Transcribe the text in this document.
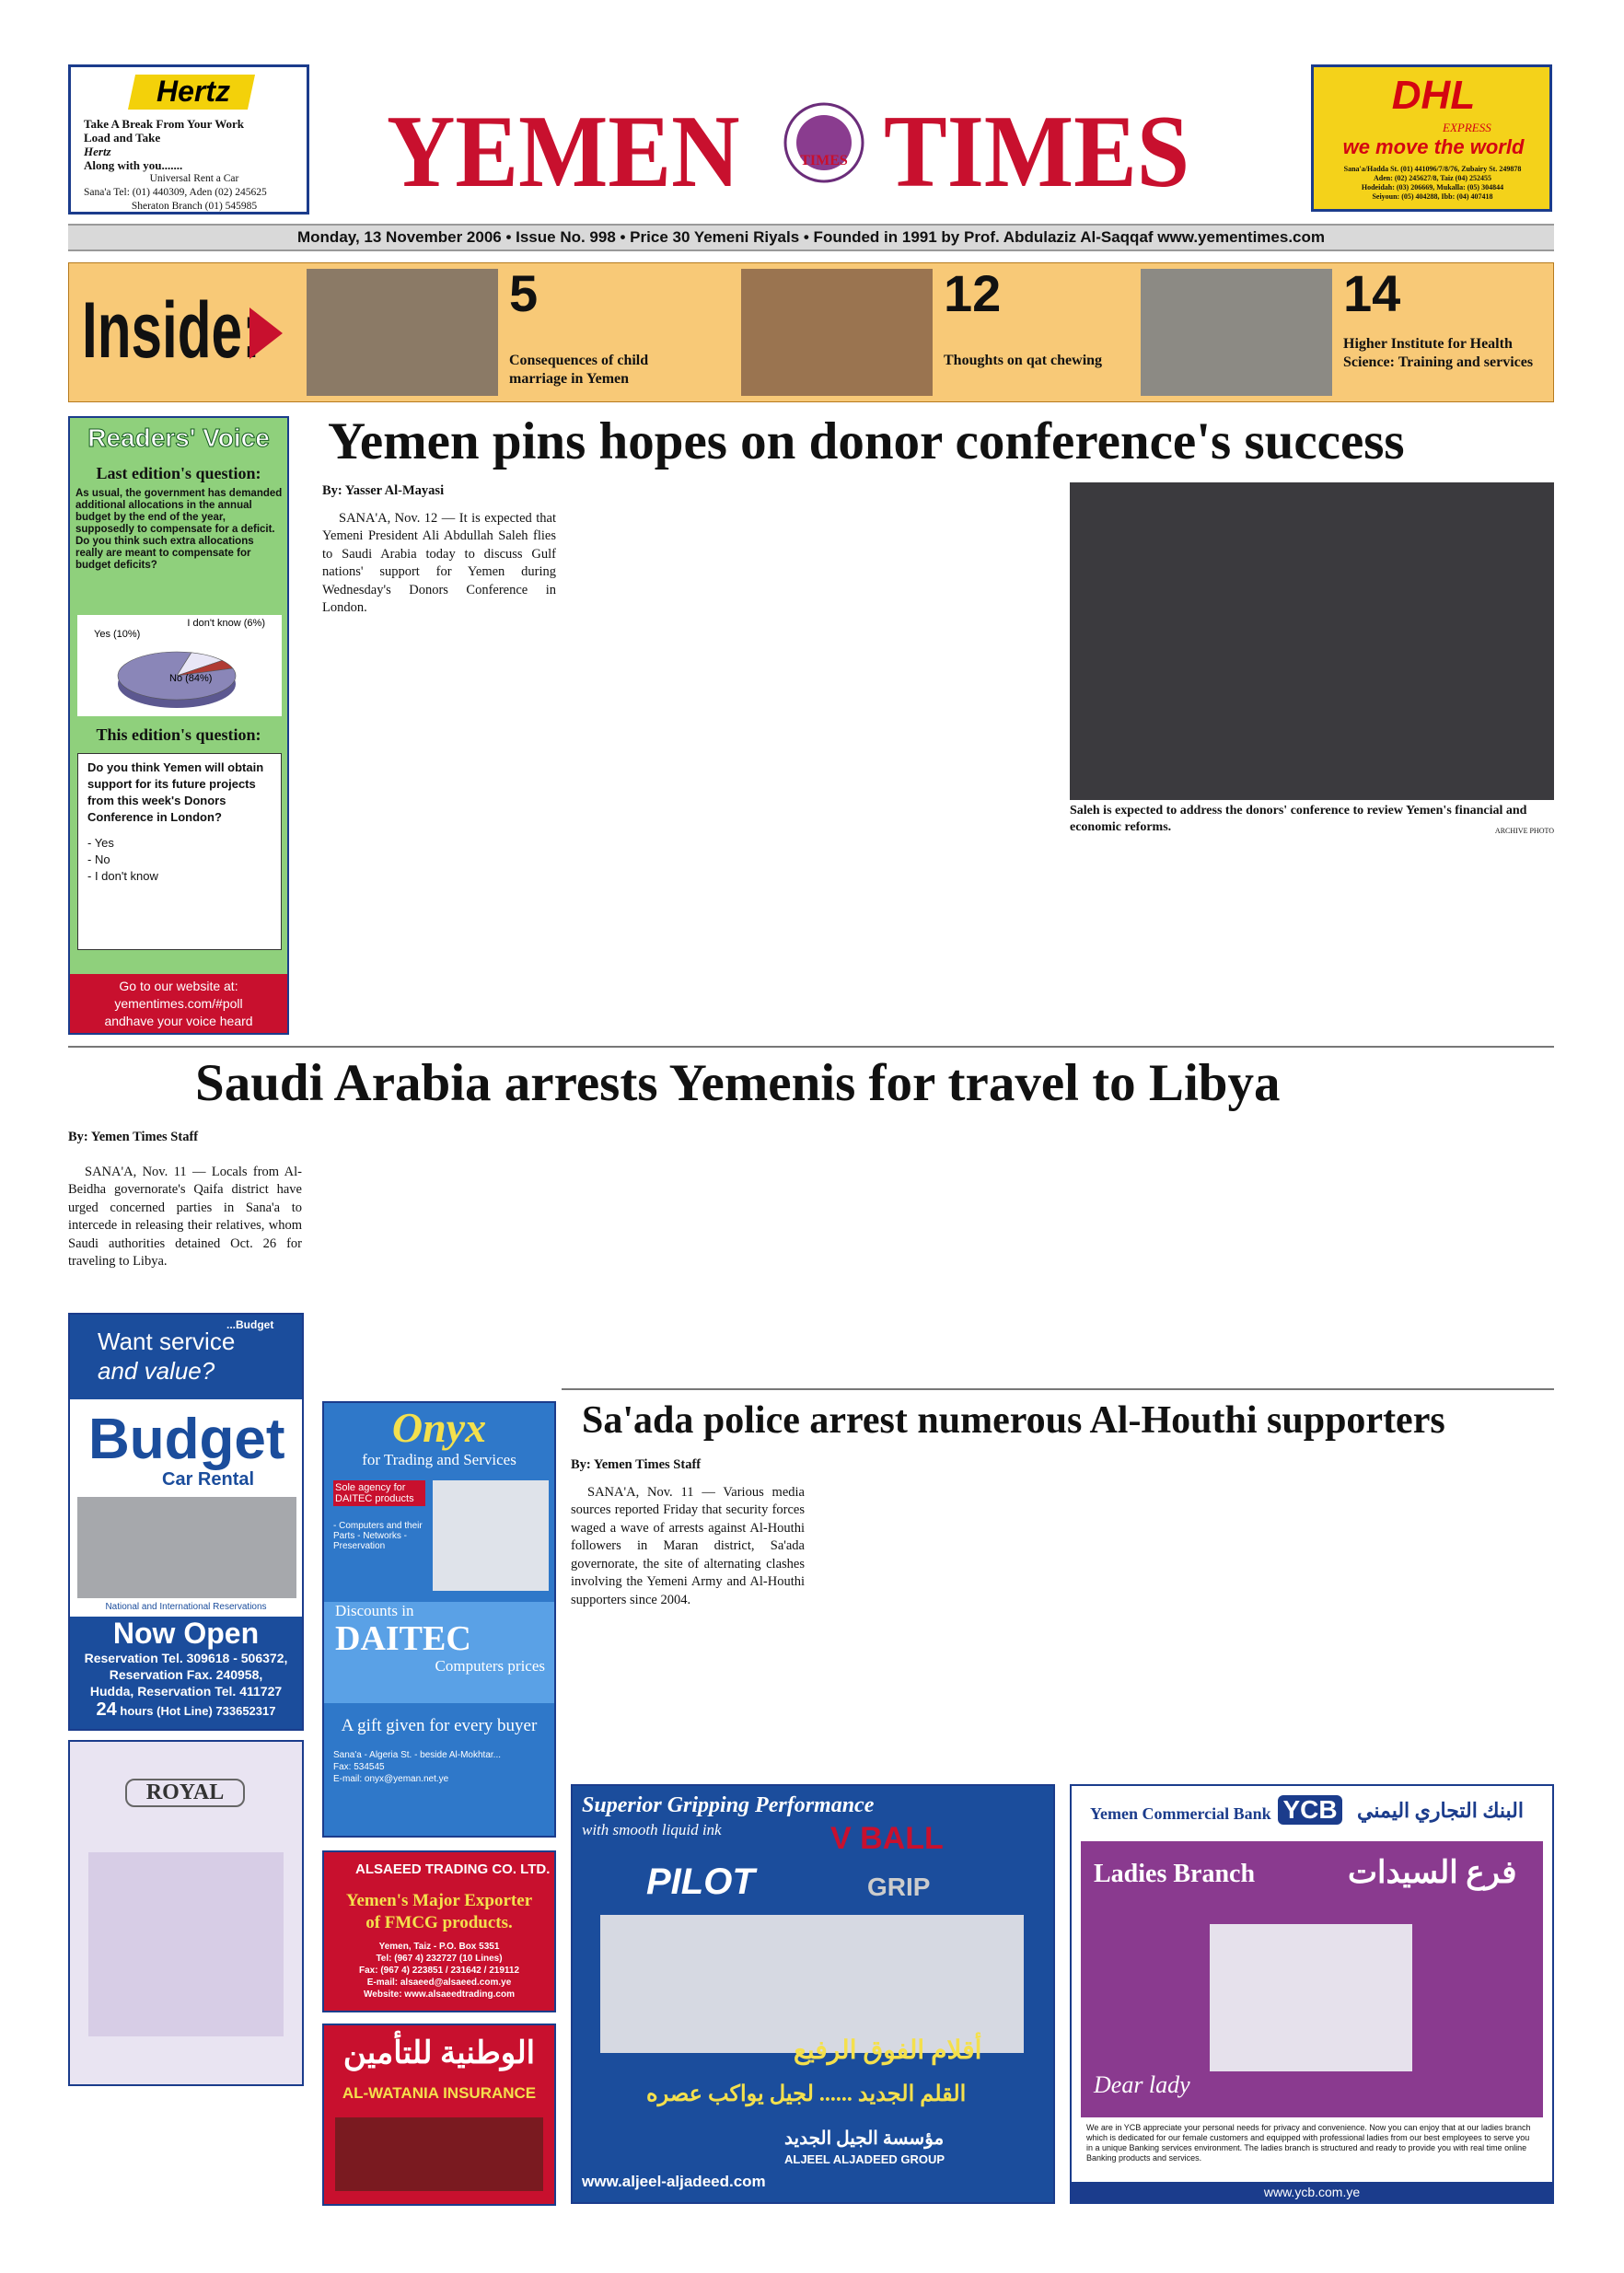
Hertz
Take A Break From Your Work
Load and Take
Hertz
Along with you.......
Universal Rent a Car
Sana'a Tel: (01) 440309, Aden (02) 245625
Sheraton Branch (01) 545985	YEMEN TIMES
TIMES
DHL
EXPRESS
we move the world
Sana'a/Hadda St. (01) 441096/7/8/76, Zubairy St. 249878
Aden: (02) 245627/8, Taiz (04) 252455
Hodeidah: (03) 206669, Mukalla: (05) 304844
Seiyoun: (05) 404288, Ibb: (04) 407418
Monday, 13 November 2006 • Issue No. 998 • Price 30 Yemeni Riyals • Founded in 1991 by Prof. Abdulaziz Al-Saqqaf www.yementimes.com
Inside:	5
Consequences of child marriage in Yemen
12
Thoughts on qat chewing
14
Higher Institute for Health Science: Training and services
Readers' Voice
Last edition's question:
As usual, the government has demanded additional allocations in the annual budget by the end of the year, supposedly to compensate for a deficit. Do you think such extra allocations really are meant to compensate for budget deficits?
Yes (10%)
I don't know (6%)
No (84%)
This edition's question:
Do you think Yemen will obtain support for its future projects from this week's Donors Conference in London?
- Yes
- No
- I don't know
Go to our website at:
yementimes.com/#poll
andhave your voice heard
Yemen pins hopes on donor conference's success

By: Yasser Al-Mayasi

SANA'A, Nov. 12 — It is expected that Yemeni President Ali Abdullah Saleh flies to Saudi Arabia today to discuss Gulf nations' support for Yemen during Wednesday's Donors Conference in London.

Saleh is expected to address the donors' conference to review Yemen's financial and economic reforms.	ARCHIVE PHOTO
Saudi Arabia arrests Yemenis for travel to Libya

By: Yemen Times Staff

SANA'A, Nov. 11 — Locals from Al-Beidha governorate's Qaifa district have urged concerned parties in Sana'a to intercede in releasing their relatives, whom Saudi authorities detained Oct. 26 for traveling to Libya.

Sa'ada police arrest numerous Al-Houthi supporters

By: Yemen Times Staff

SANA'A, Nov. 11 — Various media sources reported Friday that security forces waged a wave of arrests against Al-Houthi followers in Maran district, Sa'ada governorate, the site of alternating clashes involving the Yemeni Army and Al-Houthi supporters since 2004.

...Budget
Want service
and value?
Budget
Car Rental
National and International Reservations
Now Open
Reservation Tel. 309618 - 506372,
Reservation Fax. 240958,
Hudda, Reservation Tel. 411727
24 hours (Hot Line) 733652317
Onyx
for Trading and Services
Sole agency for DAITEC products
- Computers and their Parts - Networks - Preservation
Discounts in
DAITEC
Computers prices
A gift given for every buyer
Sana'a - Algeria St. - beside Al-Mokhtar...
Fax: 534545
E-mail: onyx@yeman.net.ye
ROYAL
ALSAEED TRADING CO. LTD.
Yemen's Major Exporter
of FMCG products.
Yemen, Taiz - P.O. Box 5351
Tel: (967 4) 232727 (10 Lines)
Fax: (967 4) 223851 / 231642 / 219112
E-mail: alsaeed@alsaeed.com.ye
Website: www.alsaeedtrading.com
الوطنية للتأمين
AL-WATANIA INSURANCE
Superior Gripping Performance
with smooth liquid ink	V BALL
PILOT	GRIP
أقلام الفوق الرفيع
القلم الجديد ...... لجيل يواكب عصره
مؤسسة الجيل الجديد
ALJEEL ALJADEED GROUP
www.aljeel-aljadeed.com
Yemen Commercial Bank YCB البنك التجاري اليمني
Ladies Branch	فرع السيدات
Dear lady
We are in YCB appreciate your personal needs for privacy and convenience. Now you can enjoy that at our ladies branch which is dedicated for our female customers and equipped with professional ladies from our best employees to serve you in a unique Banking services environment. The ladies branch is structured and ready to provide you with real time online Banking products and services.
www.ycb.com.ye
